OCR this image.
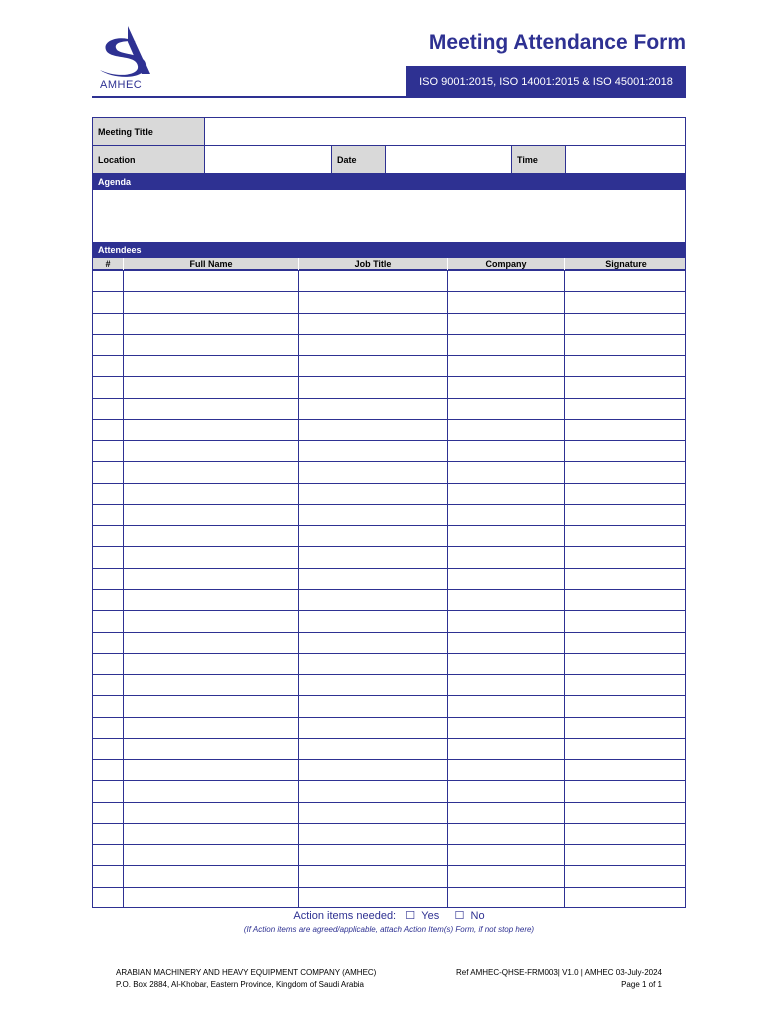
AMHEC
Meeting Attendance Form
ISO 9001:2015, ISO 14001:2015 & ISO 45001:2018
Meeting Title
Location	Date	Time
Agenda
Attendees
#	Full Name	Job Title	Company	Signature
Action items needed: ☐ Yes ☐ No
(If Action items are agreed/applicable, attach Action Item(s) Form, if not stop here)
ARABIAN MACHINERY AND HEAVY EQUIPMENT COMPANY (AMHEC)
P.O. Box 2884, Al-Khobar, Eastern Province, Kingdom of Saudi Arabia
Ref AMHEC-QHSE-FRM003| V1.0 | AMHEC 03-July-2024
Page 1 of 1
